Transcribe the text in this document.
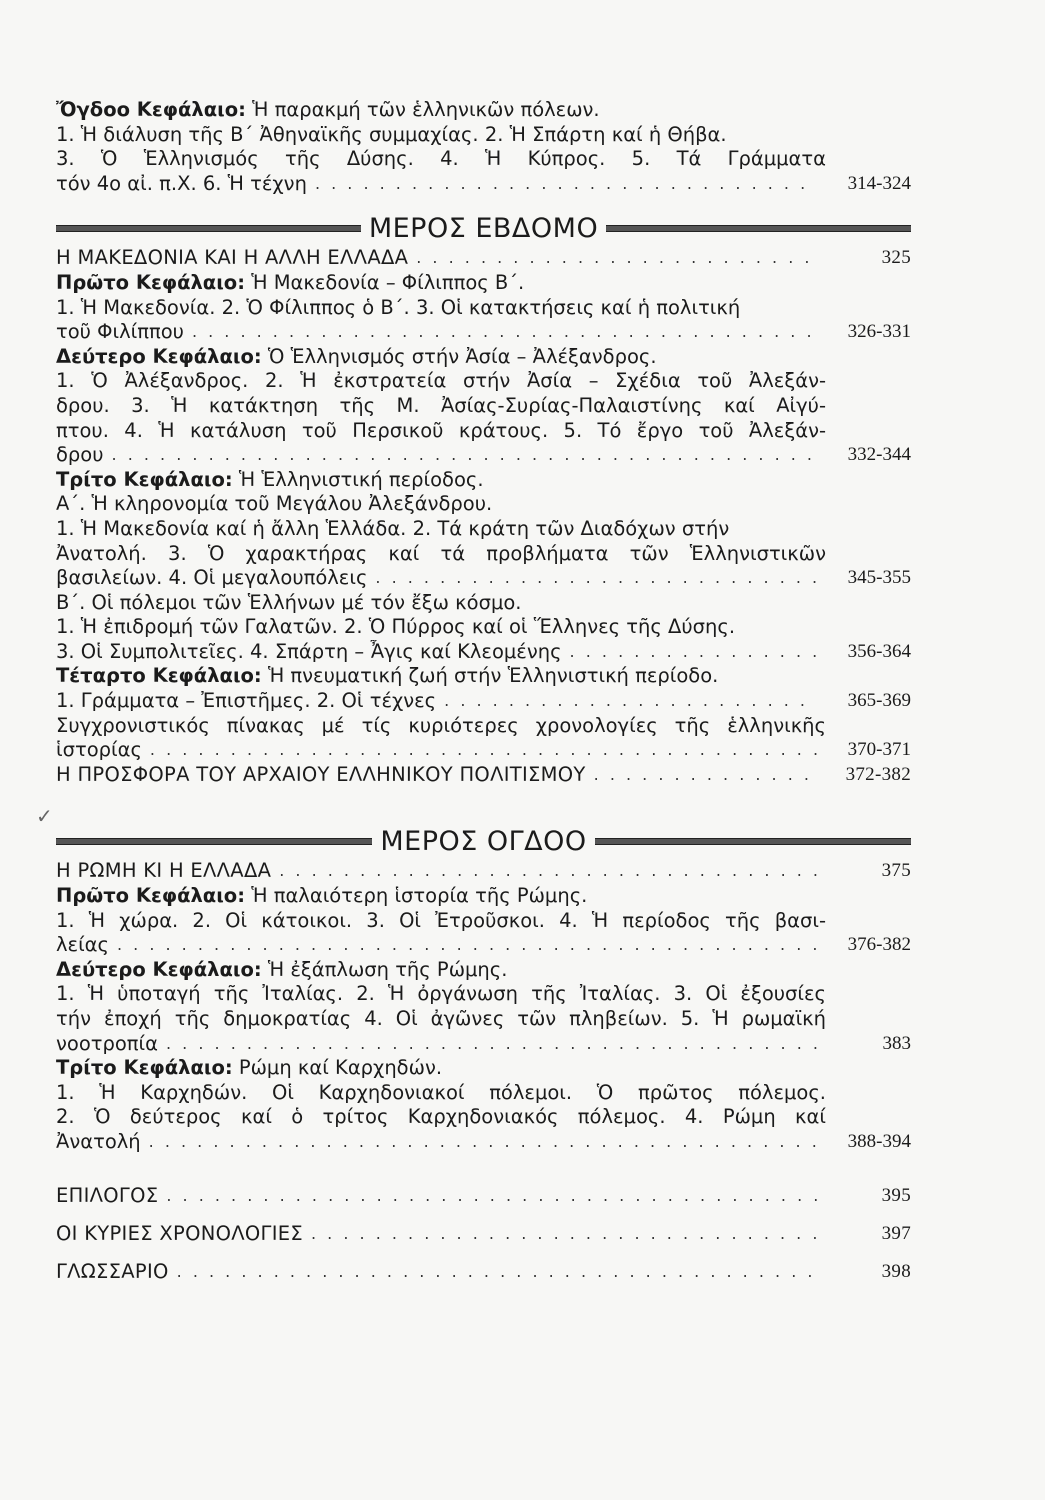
✓
Ὄγδοο Κεφάλαιο: Ἡ παρακμή τῶν ἑλληνικῶν πόλεων.
1. Ἡ διάλυση τῆς Β΄ Ἀθηναϊκῆς συμμαχίας. 2. Ἡ Σπάρτη καί ἡ Θήβα.
3. Ὁ Ἑλληνισμός τῆς Δύσης. 4. Ἡ Κύπρος. 5. Τά Γράμματα
τόν 4ο αἰ. π.Χ. 6. Ἡ τέχνη . . .	314-324
ΜΕΡΟΣ ΕΒΔΟΜΟ
Η ΜΑΚΕΔΟΝΙΑ ΚΑΙ Η ΑΛΛΗ ΕΛΛΑΔΑ . . .	325
Πρῶτο Κεφάλαιο: Ἡ Μακεδονία – Φίλιππος Β΄.
1. Ἡ Μακεδονία. 2. Ὁ Φίλιππος ὁ Β΄. 3. Οἱ κατακτήσεις καί ἡ πολιτική
τοῦ Φιλίππου . . .	326-331
Δεύτερο Κεφάλαιο: Ὁ Ἑλληνισμός στήν Ἀσία – Ἀλέξανδρος.
1. Ὁ Ἀλέξανδρος. 2. Ἡ ἐκστρατεία στήν Ἀσία – Σχέδια τοῦ Ἀλεξάν-
δρου. 3. Ἡ κατάκτηση τῆς Μ. Ἀσίας-Συρίας-Παλαιστίνης καί Αἰγύ-
πτου. 4. Ἡ κατάλυση τοῦ Περσικοῦ κράτους. 5. Τό ἔργο τοῦ Ἀλεξάν-
δρου . . .	332-344
Τρίτο Κεφάλαιο: Ἡ Ἑλληνιστική περίοδος.
Α΄. Ἡ κληρονομία τοῦ Μεγάλου Ἀλεξάνδρου.
1. Ἡ Μακεδονία καί ἡ ἄλλη Ἑλλάδα. 2. Τά κράτη τῶν Διαδόχων στήν
Ἀνατολή. 3. Ὁ χαρακτήρας καί τά προβλήματα τῶν Ἑλληνιστικῶν
βασιλείων. 4. Οἱ μεγαλουπόλεις . . .	345-355
Β΄. Οἱ πόλεμοι τῶν Ἑλλήνων μέ τόν ἔξω κόσμο.
1. Ἡ ἐπιδρομή τῶν Γαλατῶν. 2. Ὁ Πύρρος καί οἱ Ἕλληνες τῆς Δύσης.
3. Οἱ Συμπολιτεῖες. 4. Σπάρτη – Ἆγις καί Κλεομένης . . .	356-364
Τέταρτο Κεφάλαιο: Ἡ πνευματική ζωή στήν Ἑλληνιστική περίοδο.
1. Γράμματα – Ἐπιστῆμες. 2. Οἱ τέχνες . . .	365-369
Συγχρονιστικός πίνακας μέ τίς κυριότερες χρονολογίες τῆς ἑλληνικῆς
ἱστορίας . . .	370-371
Η ΠΡΟΣΦΟΡΑ ΤΟΥ ΑΡΧΑΙΟΥ ΕΛΛΗΝΙΚΟΥ ΠΟΛΙΤΙΣΜΟΥ . . .	372-382
ΜΕΡΟΣ ΟΓΔΟΟ
Η ΡΩΜΗ ΚΙ Η ΕΛΛΑΔΑ . . .	375
Πρῶτο Κεφάλαιο: Ἡ παλαιότερη ἱστορία τῆς Ρώμης.
1. Ἡ χώρα. 2. Οἱ κάτοικοι. 3. Οἱ Ἐτροῦσκοι. 4. Ἡ περίοδος τῆς βασι-
λείας . . .	376-382
Δεύτερο Κεφάλαιο: Ἡ ἐξάπλωση τῆς Ρώμης.
1. Ἡ ὑποταγή τῆς Ἰταλίας. 2. Ἡ ὀργάνωση τῆς Ἰταλίας. 3. Οἱ ἐξουσίες
τήν ἐποχή τῆς δημοκρατίας 4. Οἱ ἀγῶνες τῶν πληβείων. 5. Ἡ ρωμαϊκή
νοοτροπία . . .	383
Τρίτο Κεφάλαιο: Ρώμη καί Καρχηδών.
1. Ἡ Καρχηδών. Οἱ Καρχηδονιακοί πόλεμοι. Ὁ πρῶτος πόλεμος.
2. Ὁ δεύτερος καί ὁ τρίτος Καρχηδονιακός πόλεμος. 4. Ρώμη καί
Ἀνατολή . . .	388-394
ΕΠΙΛΟΓΟΣ . . .	395
ΟΙ ΚΥΡΙΕΣ ΧΡΟΝΟΛΟΓΙΕΣ . . .	397
ΓΛΩΣΣΑΡΙΟ . . .	398
